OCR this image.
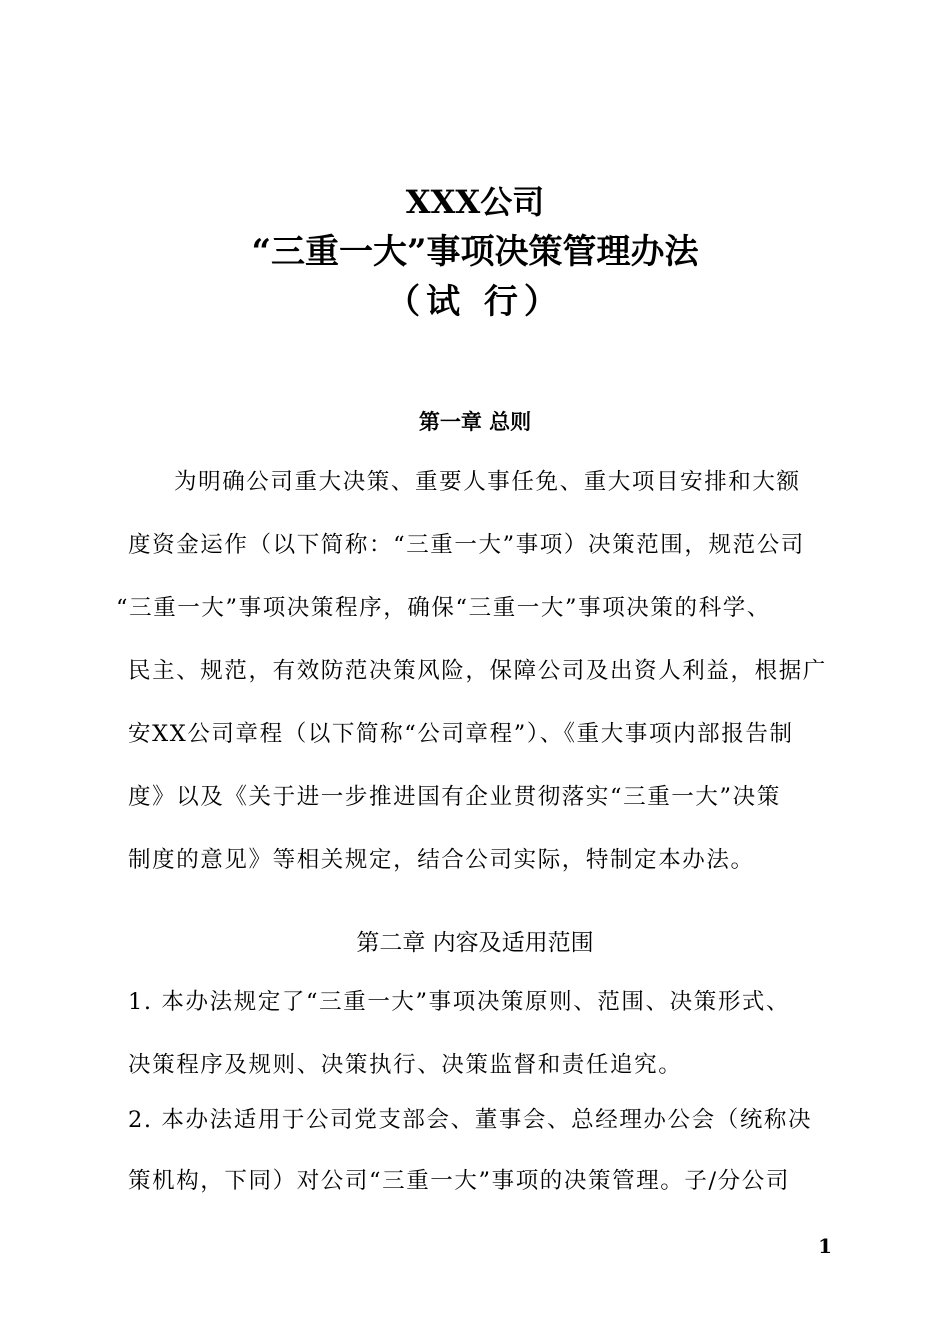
XXX公司
“三重一大”事项决策管理办法
（试 行）
第一章 总则
为明确公司重大决策、重要人事任免、重大项目安排和大额
度资金运作（以下简称：“三重一大”事项）决策范围，规范公司
“三重一大”事项决策程序，确保“三重一大”事项决策的科学、
民主、规范，有效防范决策风险，保障公司及出资人利益，根据广
安XX公司章程（以下简称“公司章程”）、《重大事项内部报告制
度》以及《关于进一步推进国有企业贯彻落实“三重一大”决策
制度的意见》等相关规定，结合公司实际，特制定本办法。
第二章 内容及适用范围
1. 本办法规定了“三重一大”事项决策原则、范围、决策形式、
决策程序及规则、决策执行、决策监督和责任追究。
2. 本办法适用于公司党支部会、董事会、总经理办公会（统称决
策机构，下同）对公司“三重一大”事项的决策管理。子/分公司
1
